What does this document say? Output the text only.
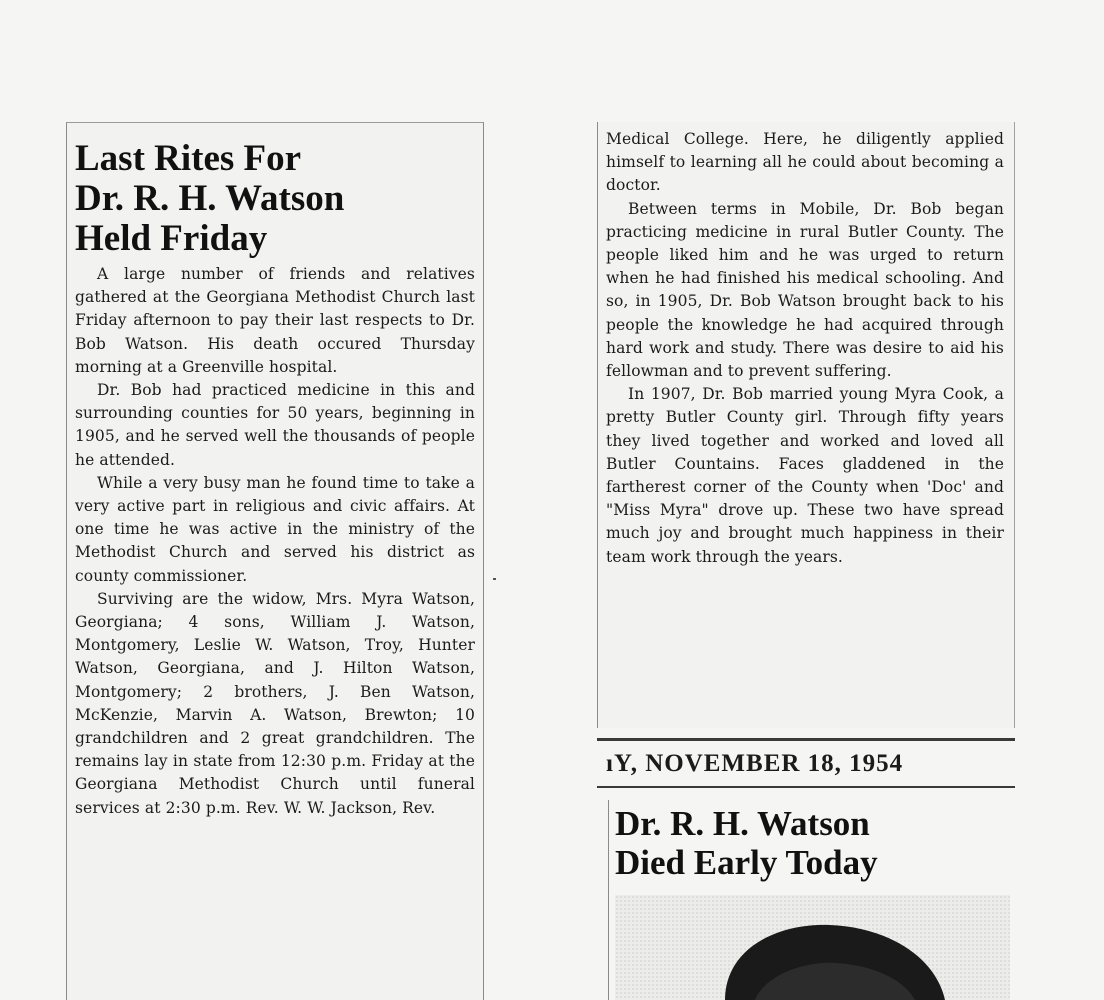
Last Rites For
Dr. R. H. Watson
Held Friday

A large number of friends and relatives gathered at the Georgiana Methodist Church last Friday afternoon to pay their last respects to Dr. Bob Watson. His death occured Thursday morning at a Greenville hospital.

Dr. Bob had practiced medicine in this and surrounding counties for 50 years, beginning in 1905, and he served well the thousands of people he attended.

While a very busy man he found time to take a very active part in religious and civic affairs. At one time he was active in the ministry of the Methodist Church and served his district as county commissioner.

Surviving are the widow, Mrs. Myra Watson, Georgiana; 4 sons, William J. Watson, Montgomery, Leslie W. Watson, Troy, Hunter Watson, Georgiana, and J. Hilton Watson, Montgomery; 2 brothers, J. Ben Watson, McKenzie, Marvin A. Watson, Brewton; 10 grandchildren and 2 great grandchildren. The remains lay in state from 12:30 p.m. Friday at the Georgiana Methodist Church until funeral services at 2:30 p.m. Rev. W. W. Jackson, Rev.

Medical College. Here, he diligently applied himself to learning all he could about becoming a doctor.

Between terms in Mobile, Dr. Bob began practicing medicine in rural Butler County. The people liked him and he was urged to return when he had finished his medical schooling. And so, in 1905, Dr. Bob Watson brought back to his people the knowledge he had acquired through hard work and study. There was desire to aid his fellowman and to prevent suffering.

In 1907, Dr. Bob married young Myra Cook, a pretty Butler County girl. Through fifty years they lived together and worked and loved all Butler Countains. Faces gladdened in the fartherest corner of the County when 'Doc' and "Miss Myra" drove up. These two have spread much joy and brought much happiness in their team work through the years.

ıY, NOVEMBER 18, 1954
Dr. R. H. Watson
Died Early Today
